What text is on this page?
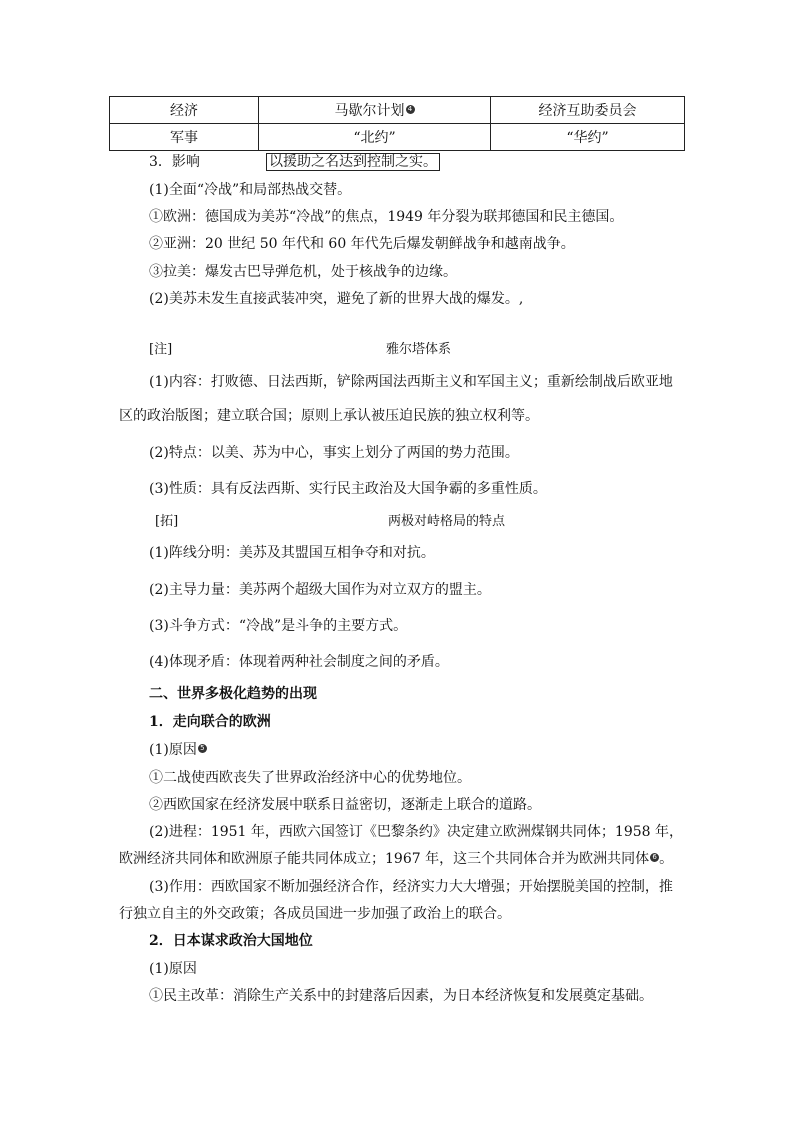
经济	马歇尔计划 4	经济互助委员会
军事	“北约”	“华约”
3．影响	以援助之名达到控制之实。
(1)全面“冷战”和局部热战交替。
①欧洲：德国成为美苏“冷战”的焦点，1949 年分裂为联邦德国和民主德国。
②亚洲：20 世纪 50 年代和 60 年代先后爆发朝鲜战争和越南战争。
③拉美：爆发古巴导弹危机，处于核战争的边缘。
(2)美苏未发生直接武装冲突，避免了新的世界大战的爆发。,
[注]	雅尔塔体系
(1)内容：打败德、日法西斯，铲除两国法西斯主义和军国主义；重新绘制战后欧亚地
区的政治版图；建立联合国；原则上承认被压迫民族的独立权利等。
(2)特点：以美、苏为中心，事实上划分了两国的势力范围。
(3)性质：具有反法西斯、实行民主政治及大国争霸的多重性质。
[拓]	两极对峙格局的特点
(1)阵线分明：美苏及其盟国互相争夺和对抗。
(2)主导力量：美苏两个超级大国作为对立双方的盟主。
(3)斗争方式：“冷战”是斗争的主要方式。
(4)体现矛盾：体现着两种社会制度之间的矛盾。
二、世界多极化趋势的出现
1．走向联合的欧洲
(1)原因 5
①二战使西欧丧失了世界政治经济中心的优势地位。
②西欧国家在经济发展中联系日益密切，逐渐走上联合的道路。
(2)进程：1951 年，西欧六国签订《巴黎条约》决定建立欧洲煤钢共同体；1958 年，
欧洲经济共同体和欧洲原子能共同体成立；1967 年，这三个共同体合并为欧洲共同体 6 。
(3)作用：西欧国家不断加强经济合作，经济实力大大增强；开始摆脱美国的控制，推
行独立自主的外交政策；各成员国进一步加强了政治上的联合。
2．日本谋求政治大国地位
(1)原因
①民主改革：消除生产关系中的封建落后因素，为日本经济恢复和发展奠定基础。
